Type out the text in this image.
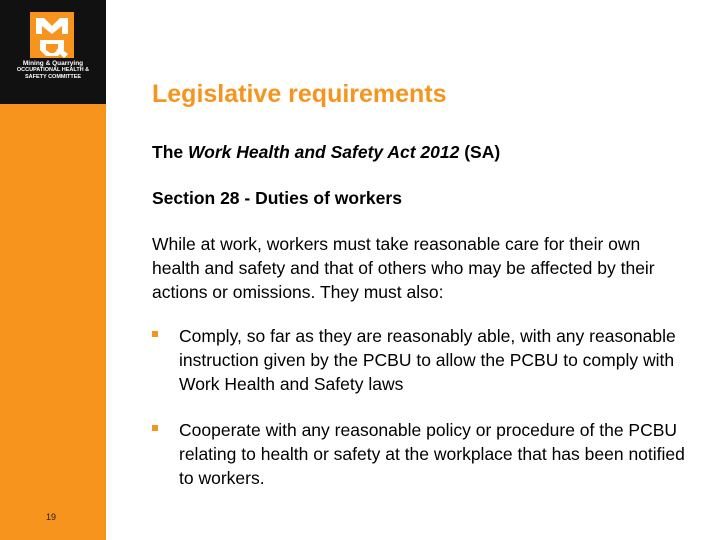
Mining & Quarrying
OCCUPATIONAL HEALTH &
SAFETY COMMITTEE
19
Legislative requirements

The Work Health and Safety Act 2012 (SA)

Section 28 - Duties of workers

While at work, workers must take reasonable care for their own health and safety and that of others who may be affected by their actions or omissions. They must also:

Comply, so far as they are reasonably able, with any reasonable instruction given by the PCBU to allow the PCBU to comply with Work Health and Safety laws
Cooperate with any reasonable policy or procedure of the PCBU relating to health or safety at the workplace that has been notified to workers.
